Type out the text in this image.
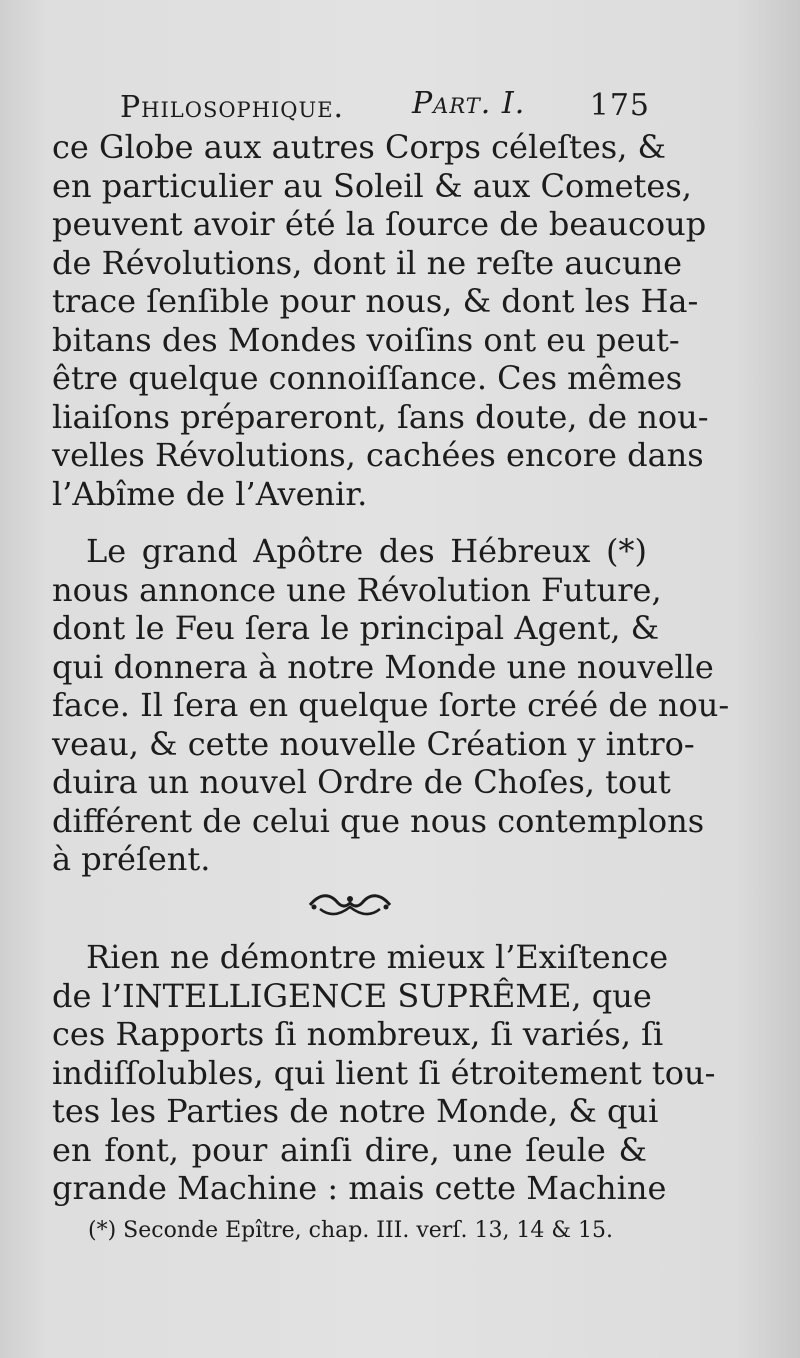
Philosophique. Part. I. 175
ce Globe aux autres Corps céleſtes, &
en particulier au Soleil & aux Cometes,
peuvent avoir été la ſource de beaucoup
de Révolutions, dont il ne reſte aucune
trace ſenſible pour nous, & dont les Ha-
bitans des Mondes voiſins ont eu peut-
être quelque connoiſſance. Ces mêmes
liaiſons prépareront, ſans doute, de nou-
velles Révolutions, cachées encore dans
l’Abîme de l’Avenir.
Le grand Apôtre des Hébreux (*)
nous annonce une Révolution Future,
dont le Feu ſera le principal Agent, &
qui donnera à notre Monde une nouvelle
face. Il ſera en quelque ſorte créé de nou-
veau, & cette nouvelle Création y intro-
duira un nouvel Ordre de Choſes, tout
différent de celui que nous contemplons
à préſent.
Rien ne démontre mieux l’Exiſtence
de l’INTELLIGENCE SUPRÊME, que
ces Rapports ſi nombreux, ſi variés, ſi
indiſſolubles, qui lient ſi étroitement tou-
tes les Parties de notre Monde, & qui
en font, pour ainſi dire, une ſeule &
grande Machine : mais cette Machine
(*) Seconde Epître, chap. III. verſ. 13, 14 & 15.
